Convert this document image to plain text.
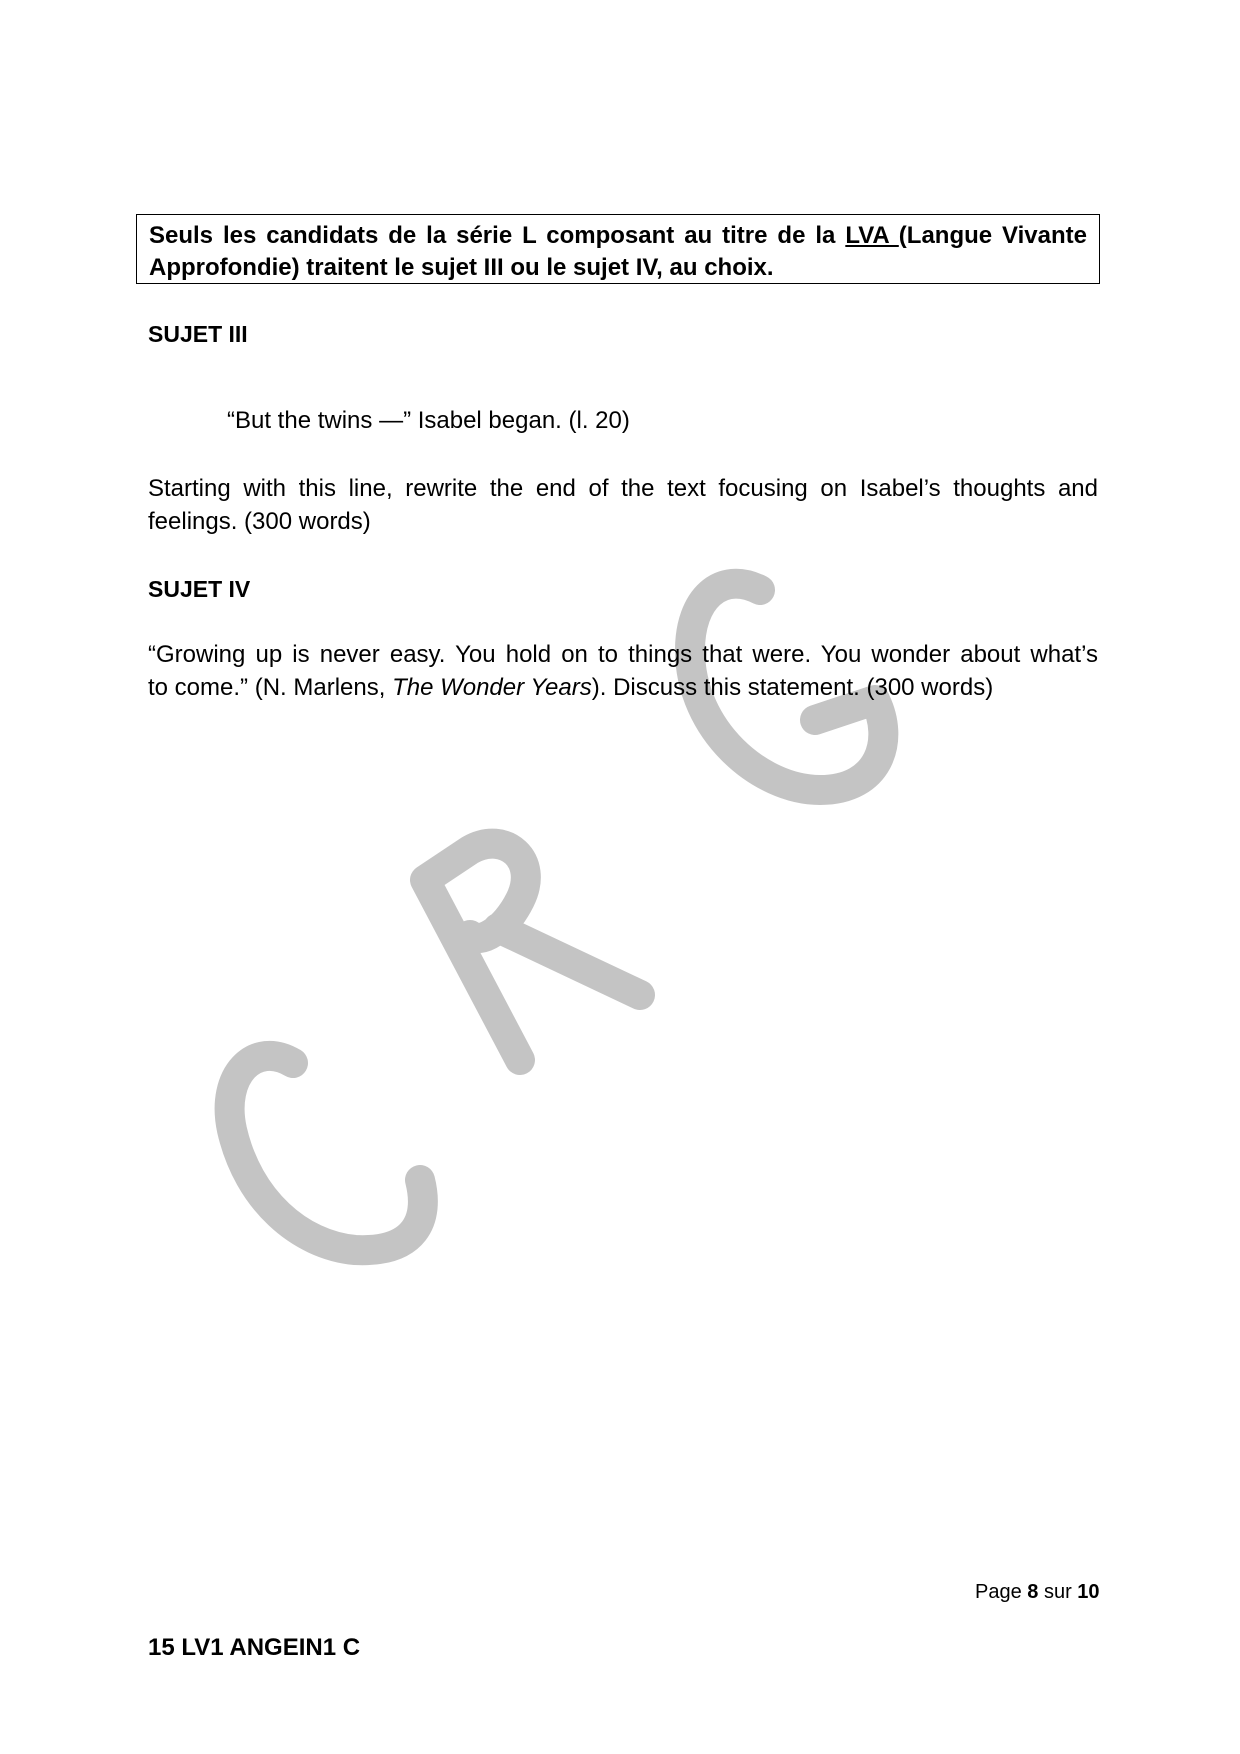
Seuls les candidats de la série L composant au titre de la LVA (Langue Vivante
Approfondie) traitent le sujet III ou le sujet IV, au choix.
SUJET III
“But the twins —” Isabel began. (l. 20)
Starting with this line, rewrite the end of the text focusing on Isabel’s thoughts and
feelings. (300 words)
SUJET IV
“Growing up is never easy. You hold on to things that were. You wonder about what’s
to come.” (N. Marlens, The Wonder Years). Discuss this statement. (300 words)
Page 8 sur 10
15 LV1 ANGEIN1 C
